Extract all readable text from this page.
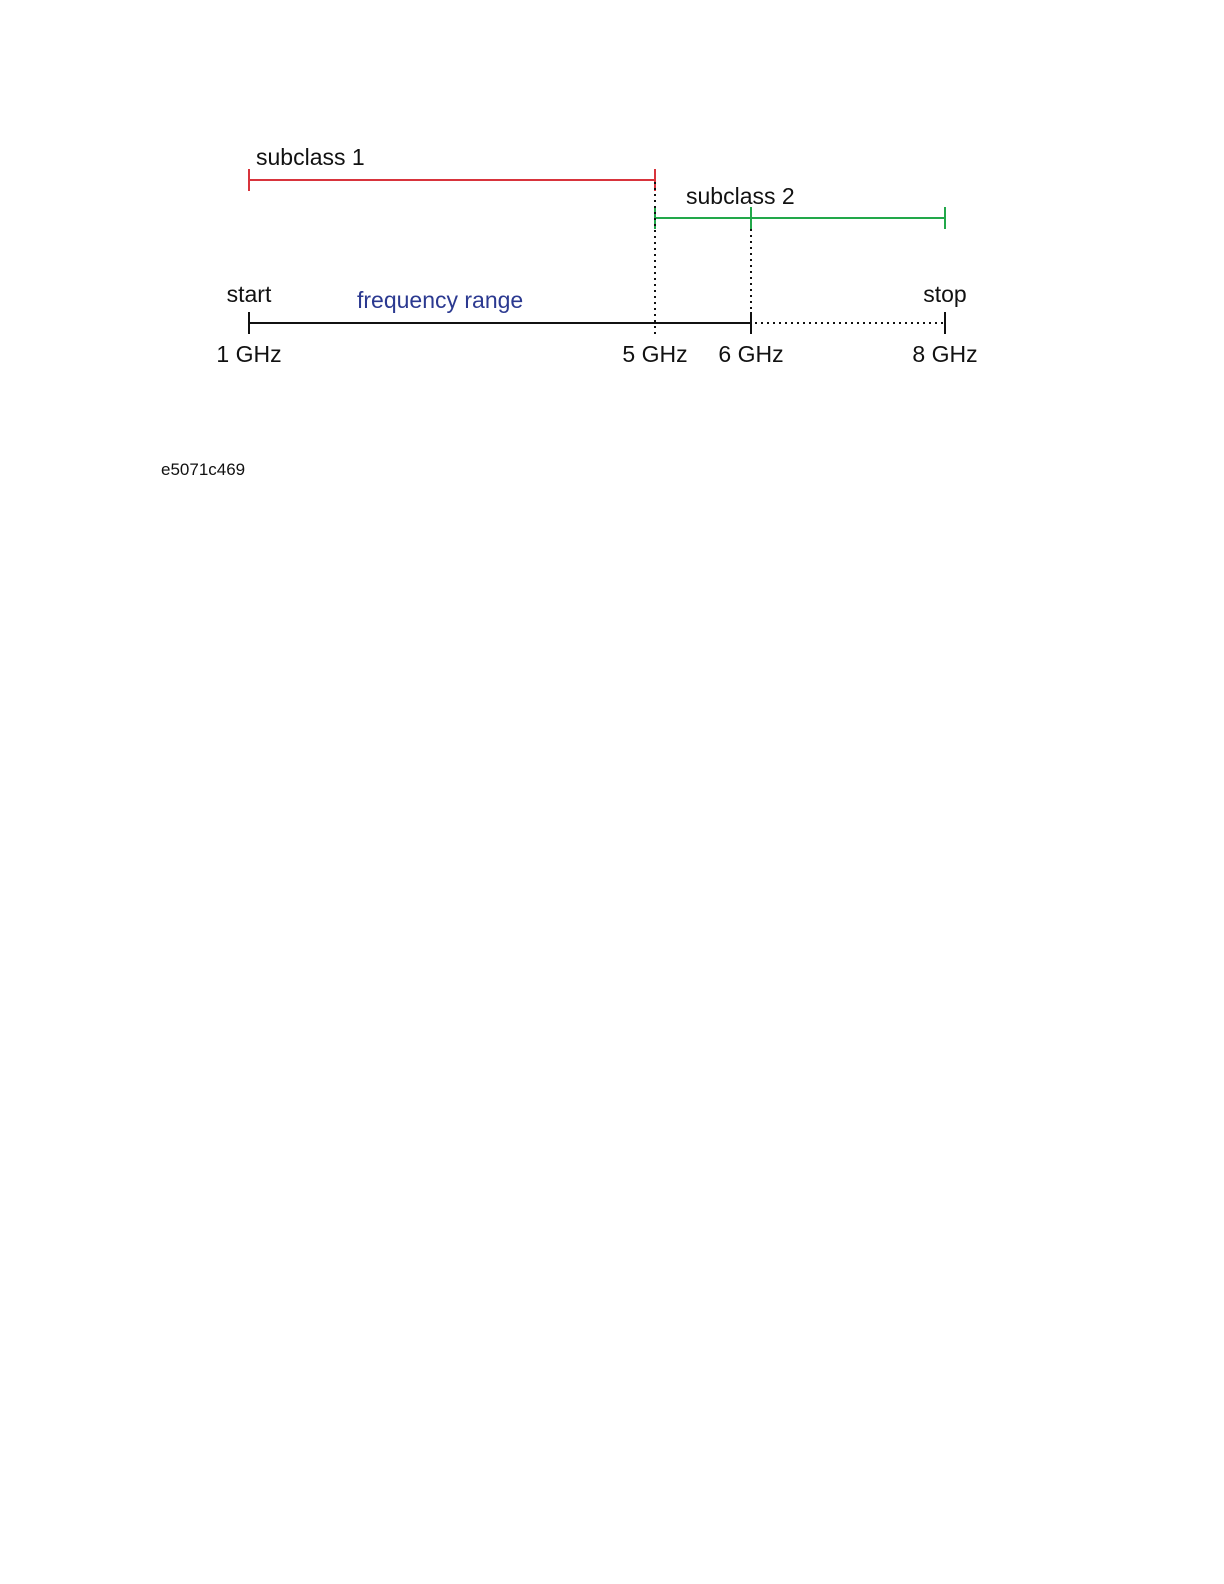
subclass 1
subclass 2
start	stop
frequency range
1 GHz	5 GHz 6 GHz	8 GHz
e5071c469
